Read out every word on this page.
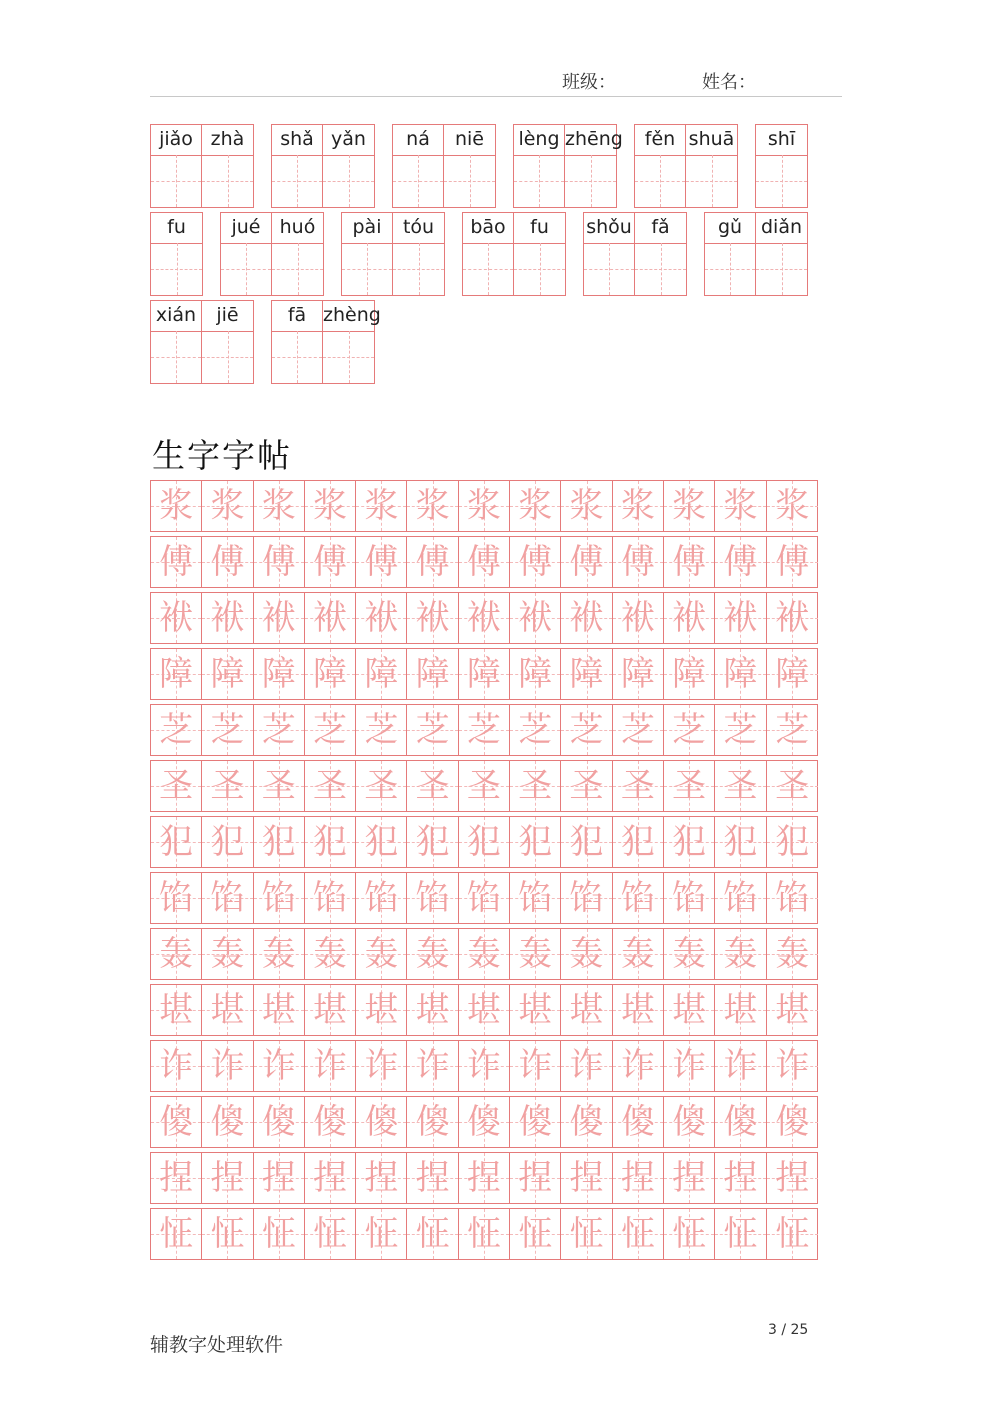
班级：	姓名：
jiǎo zhà	shǎ yǎn	ná	niē	lèng zhēng	fěn shuā	shī
fu	jué	huó	pài	tóu	bāo	fu	shǒu	fǎ	gǔ diǎn
xián	jiē	fā zhèng
生字字帖
浆 浆 浆 浆 浆 浆 浆 浆 浆 浆 浆 浆 浆
傅 傅 傅 傅 傅 傅 傅 傅 傅 傅 傅 傅 傅
袱 袱 袱 袱 袱 袱 袱 袱 袱 袱 袱 袱 袱
障 障 障 障 障 障 障 障 障 障 障 障 障
芝 芝 芝 芝 芝 芝 芝 芝 芝 芝 芝 芝 芝
圣 圣 圣 圣 圣 圣 圣 圣 圣 圣 圣 圣 圣
犯 犯 犯 犯 犯 犯 犯 犯 犯 犯 犯 犯 犯
馅 馅 馅 馅 馅 馅 馅 馅 馅 馅 馅 馅 馅
轰 轰 轰 轰 轰 轰 轰 轰 轰 轰 轰 轰 轰
堪 堪 堪 堪 堪 堪 堪 堪 堪 堪 堪 堪 堪
诈 诈 诈 诈 诈 诈 诈 诈 诈 诈 诈 诈 诈
傻 傻 傻 傻 傻 傻 傻 傻 傻 傻 傻 傻 傻
捏 捏 捏 捏 捏 捏 捏 捏 捏 捏 捏 捏 捏
怔 怔 怔 怔 怔 怔 怔 怔 怔 怔 怔 怔 怔
辅教字处理软件
3 / 25
